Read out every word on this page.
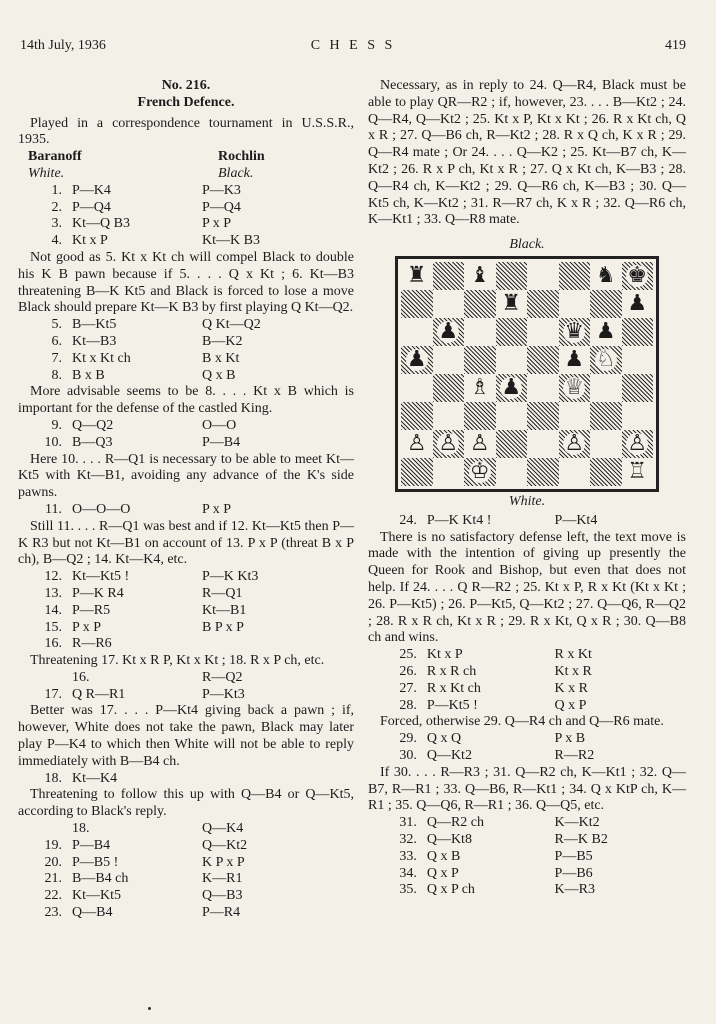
14th July, 1936	C H E S S	419
No. 216.
French Defence.

Played in a correspondence tournament in U.S.S.R., 1935.

Baranoff	Rochlin
White.	Black.
1. P—K4	P—K3
2. P—Q4	P—Q4
3. Kt—Q B3	P x P
4. Kt x P	Kt—K B3

Not good as 5. Kt x Kt ch will compel Black to double his K B pawn because if 5. . . . Q x Kt ; 6. Kt—B3 threatening B—K Kt5 and Black is forced to lose a move Black should prepare Kt—K B3 by first playing Q Kt—Q2.

5. B—Kt5	Q Kt—Q2
6. Kt—B3	B—K2
7. Kt x Kt ch	B x Kt
8. B x B	Q x B

More advisable seems to be 8. . . . Kt x B which is important for the defense of the castled King.

9. Q—Q2	O—O
10. B—Q3	P—B4

Here 10. . . . R—Q1 is necessary to be able to meet Kt—Kt5 with Kt—B1, avoiding any advance of the K's side pawns.

11. O—O—O	P x P

Still 11. . . . R—Q1 was best and if 12. Kt—Kt5 then P—K R3 but not Kt—B1 on account of 13. P x P (threat B x P ch), B—Q2 ; 14. Kt—K4, etc.

12. Kt—Kt5 !	P—K Kt3
13. P—K R4	R—Q1
14. P—R5	Kt—B1
15. P x P	B P x P
16. R—R6

Threatening 17. Kt x R P, Kt x Kt ; 18. R x P ch, etc.

16.	R—Q2
17. Q R—R1	P—Kt3

Better was 17. . . . P—Kt4 giving back a pawn ; if, however, White does not take the pawn, Black may later play P—K4 to which then White will not be able to reply immediately with B—B4 ch.

18. Kt—K4

Threatening to follow this up with Q—B4 or Q—Kt5, according to Black's reply.

18.	Q—K4
19. P—B4	Q—Kt2
20. P—B5 !	K P x P
21. B—B4 ch	K—R1
22. Kt—Kt5	Q—B3
23. Q—B4	P—R4

Necessary, as in reply to 24. Q—R4, Black must be able to play QR—R2 ; if, however, 23. . . . B—Kt2 ; 24. Q—R4, Q—Kt2 ; 25. Kt x P, Kt x Kt ; 26. R x Kt ch, Q x R ; 27. Q—B6 ch, R—Kt2 ; 28. R x Q ch, K x R ; 29. Q—R4 mate ; Or 24. . . . Q—K2 ; 25. Kt—B7 ch, K—Kt2 ; 26. R x P ch, Kt x R ; 27. Q x Kt ch, K—B3 ; 28. Q—R4 ch, K—Kt2 ; 29. Q—R6 ch, K—B3 ; 30. Q—Kt5 ch, K—Kt2 ; 31. R—R7 ch, K x R ; 32. Q—R6 ch, K—Kt1 ; 33. Q—R8 mate.

Black.
♜ ♝	♞ ♚
♜	♟
♟	♛ ♟
♟	♟ ♘
♗ ♟ ♕
♙ ♙ ♙	♙ ♙
♔	♖
White.
24. P—K Kt4 !	P—Kt4

There is no satisfactory defense left, the text move is made with the intention of giving up presently the Queen for Rook and Bishop, but even that does not help. If 24. . . . Q R—R2 ; 25. Kt x P, R x Kt (Kt x Kt ; 26. P—Kt5) ; 26. P—Kt5, Q—Kt2 ; 27. Q—Q6, R—Q2 ; 28. R x R ch, Kt x R ; 29. R x Kt, Q x R ; 30. Q—B8 ch and wins.

25. Kt x P	R x Kt
26. R x R ch	Kt x R
27. R x Kt ch	K x R
28. P—Kt5 !	Q x P

Forced, otherwise 29. Q—R4 ch and Q—R6 mate.

29. Q x Q	P x B
30. Q—Kt2	R—R2

If 30. . . . R—R3 ; 31. Q—R2 ch, K—Kt1 ; 32. Q—B7, R—R1 ; 33. Q—B6, R—Kt1 ; 34. Q x KtP ch, K—R1 ; 35. Q—Q6, R—R1 ; 36. Q—Q5, etc.

31. Q—R2 ch	K—Kt2
32. Q—Kt8	R—K B2
33. Q x B	P—B5
34. Q x P	P—B6
35. Q x P ch	K—R3
